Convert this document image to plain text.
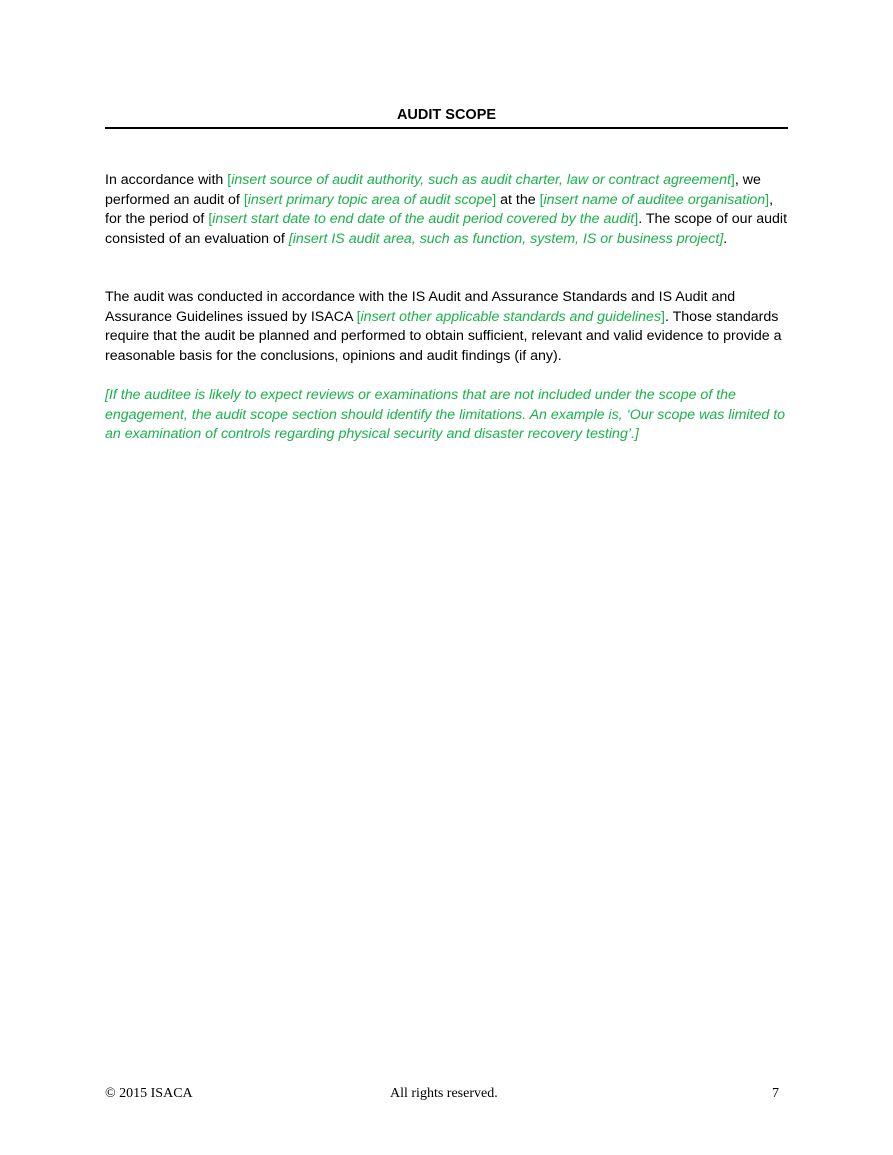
AUDIT SCOPE

In accordance with [insert source of audit authority, such as audit charter, law or contract agreement], we performed an audit of [insert primary topic area of audit scope] at the [insert name of auditee organisation], for the period of [insert start date to end date of the audit period covered by the audit]. The scope of our audit consisted of an evaluation of [insert IS audit area, such as function, system, IS or business project].

The audit was conducted in accordance with the IS Audit and Assurance Standards and IS Audit and Assurance Guidelines issued by ISACA [insert other applicable standards and guidelines]. Those standards require that the audit be planned and performed to obtain sufficient, relevant and valid evidence to provide a reasonable basis for the conclusions, opinions and audit findings (if any).

[If the auditee is likely to expect reviews or examinations that are not included under the scope of the engagement, the audit scope section should identify the limitations. An example is, ‘Our scope was limited to an examination of controls regarding physical security and disaster recovery testing’.]

© 2015 ISACA	All rights reserved.	7
